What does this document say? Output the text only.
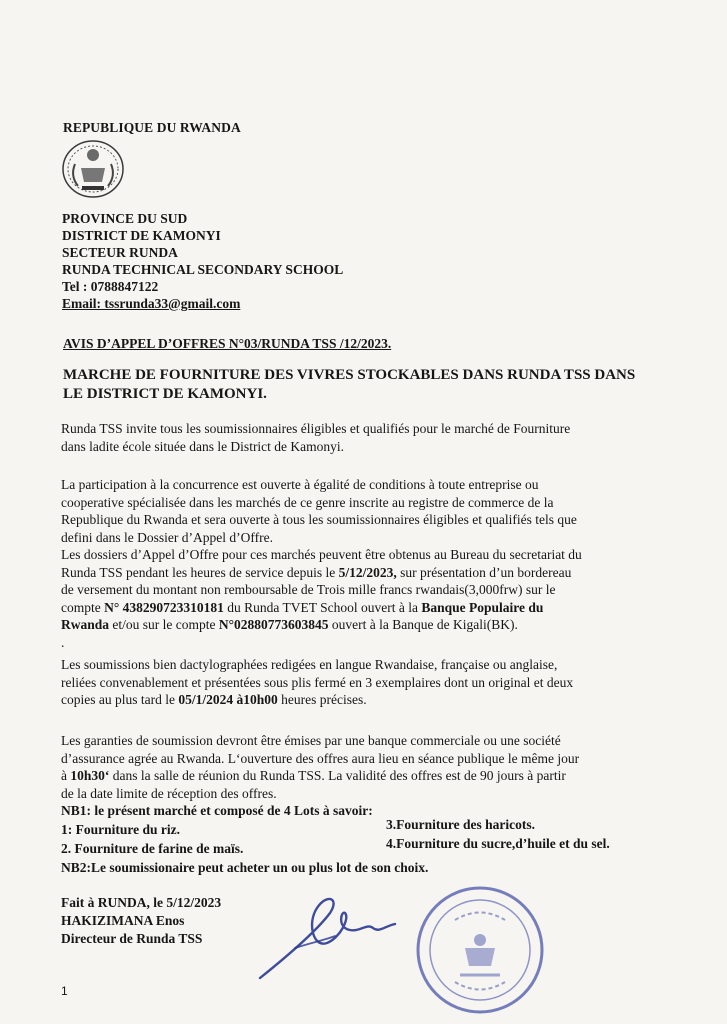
REPUBLIQUE DU RWANDA
PROVINCE DU SUD
DISTRICT DE KAMONYI
SECTEUR RUNDA
RUNDA TECHNICAL SECONDARY SCHOOL
Tel : 0788847122
Email: tssrunda33@gmail.com
AVIS D’APPEL D’OFFRES N°03/RUNDA TSS /12/2023.
MARCHE DE FOURNITURE DES VIVRES STOCKABLES DANS RUNDA TSS DANS
LE DISTRICT DE KAMONYI.
Runda TSS invite tous les soumissionnaires éligibles et qualifiés pour le marché de Fourniture
dans ladite école située dans le District de Kamonyi.
La participation à la concurrence est ouverte à égalité de conditions à toute entreprise ou
cooperative spécialisée dans les marchés de ce genre inscrite au registre de commerce de la
Republique du Rwanda et sera ouverte à tous les soumissionnaires éligibles et qualifiés tels que
defini dans le Dossier d’Appel d’Offre.
Les dossiers d’Appel d’Offre pour ces marchés peuvent être obtenus au Bureau du secretariat du
Runda TSS pendant les heures de service depuis le 5/12/2023, sur présentation d’un bordereau
de versement du montant non remboursable de Trois mille francs rwandais(3,000frw) sur le
compte N° 438290723310181 du Runda TVET School ouvert à la Banque Populaire du
Rwanda et/ou sur le compte N°02880773603845 ouvert à la Banque de Kigali(BK).
.
Les soumissions bien dactylographées redigées en langue Rwandaise, française ou anglaise,
reliées convenablement et présentées sous plis fermé en 3 exemplaires dont un original et deux
copies au plus tard le 05/1/2024 à10h00 heures précises.
Les garanties de soumission devront être émises par une banque commerciale ou une société
d’assurance agrée au Rwanda. L‘ouverture des offres aura lieu en séance publique le même jour
à 10h30‘ dans la salle de réunion du Runda TSS. La validité des offres est de 90 jours à partir
de la date limite de réception des offres.
NB1: le présent marché et composé de 4 Lots à savoir:
1: Fourniture du riz.	3.Fourniture des haricots.
2. Fourniture de farine de maïs.	4.Fourniture du sucre,d’huile et du sel.
NB2:Le soumissionaire peut acheter un ou plus lot de son choix.
Fait à RUNDA, le 5/12/2023
HAKIZIMANA Enos
Directeur de Runda TSS
1
